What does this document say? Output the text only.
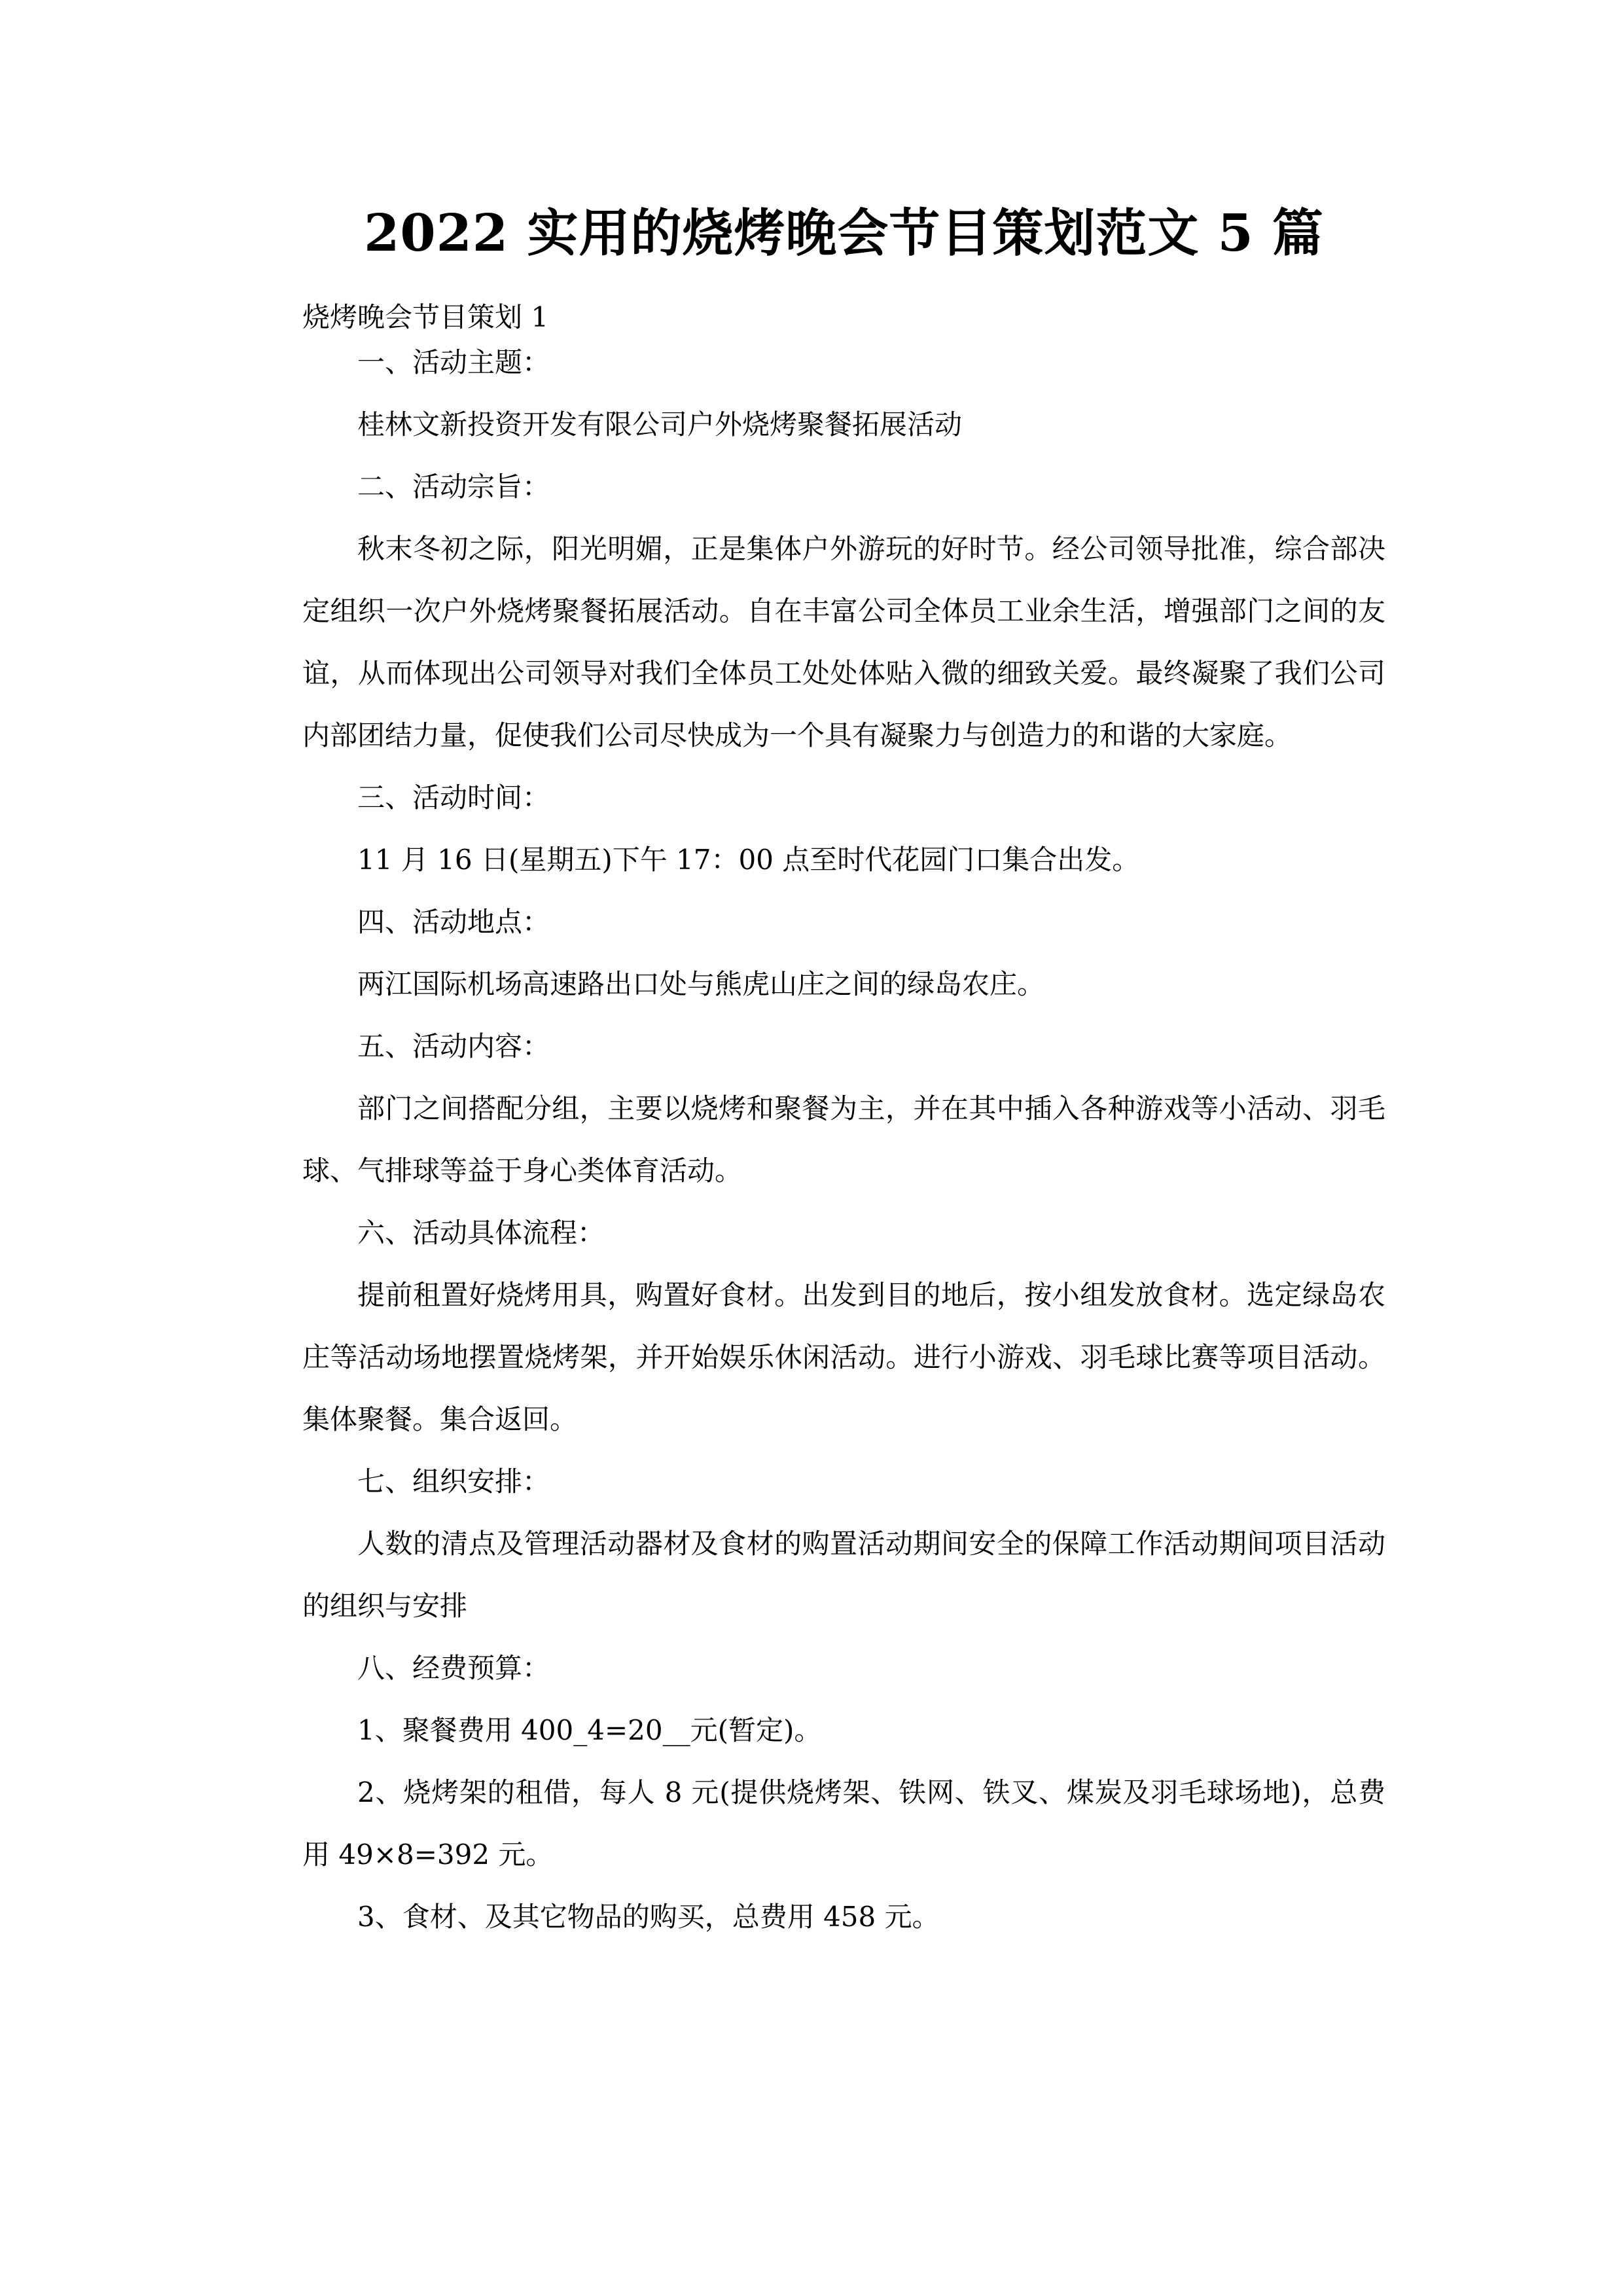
2022 实用的烧烤晚会节目策划范文 5 篇

烧烤晚会节目策划 1

一、活动主题：

桂林文新投资开发有限公司户外烧烤聚餐拓展活动

二、活动宗旨：

秋末冬初之际，阳光明媚，正是集体户外游玩的好时节。经公司领导批准，综合部决定组织一次户外烧烤聚餐拓展活动。自在丰富公司全体员工业余生活，增强部门之间的友谊，从而体现出公司领导对我们全体员工处处体贴入微的细致关爱。最终凝聚了我们公司内部团结力量，促使我们公司尽快成为一个具有凝聚力与创造力的和谐的大家庭。

三、活动时间：

11 月 16 日(星期五)下午 17：00 点至时代花园门口集合出发。

四、活动地点：

两江国际机场高速路出口处与熊虎山庄之间的绿岛农庄。

五、活动内容：

部门之间搭配分组，主要以烧烤和聚餐为主，并在其中插入各种游戏等小活动、羽毛球、气排球等益于身心类体育活动。

六、活动具体流程：

提前租置好烧烤用具，购置好食材。出发到目的地后，按小组发放食材。选定绿岛农庄等活动场地摆置烧烤架，并开始娱乐休闲活动。进行小游戏、羽毛球比赛等项目活动。集体聚餐。集合返回。

七、组织安排：

人数的清点及管理活动器材及食材的购置活动期间安全的保障工作活动期间项目活动的组织与安排

八、经费预算：

1、聚餐费用 400_4=20__元(暂定)。

2、烧烤架的租借，每人 8 元(提供烧烤架、铁网、铁叉、煤炭及羽毛球场地)，总费用 49×8=392 元。

3、食材、及其它物品的购买，总费用 458 元。
